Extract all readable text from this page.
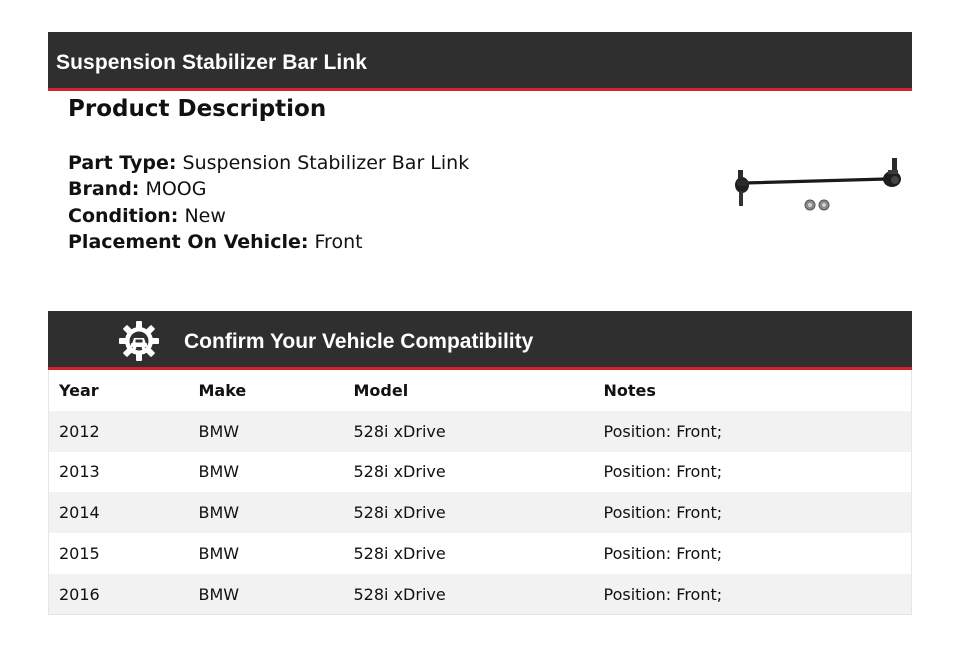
Suspension Stabilizer Bar Link
Product Description
Part Type: Suspension Stabilizer Bar Link
Brand: MOOG
Condition: New
Placement On Vehicle: Front
Confirm Your Vehicle Compatibility
Year	Make	Model	Notes
2012	BMW	528i xDrive	Position: Front;
2013	BMW	528i xDrive	Position: Front;
2014	BMW	528i xDrive	Position: Front;
2015	BMW	528i xDrive	Position: Front;
2016	BMW	528i xDrive	Position: Front;
